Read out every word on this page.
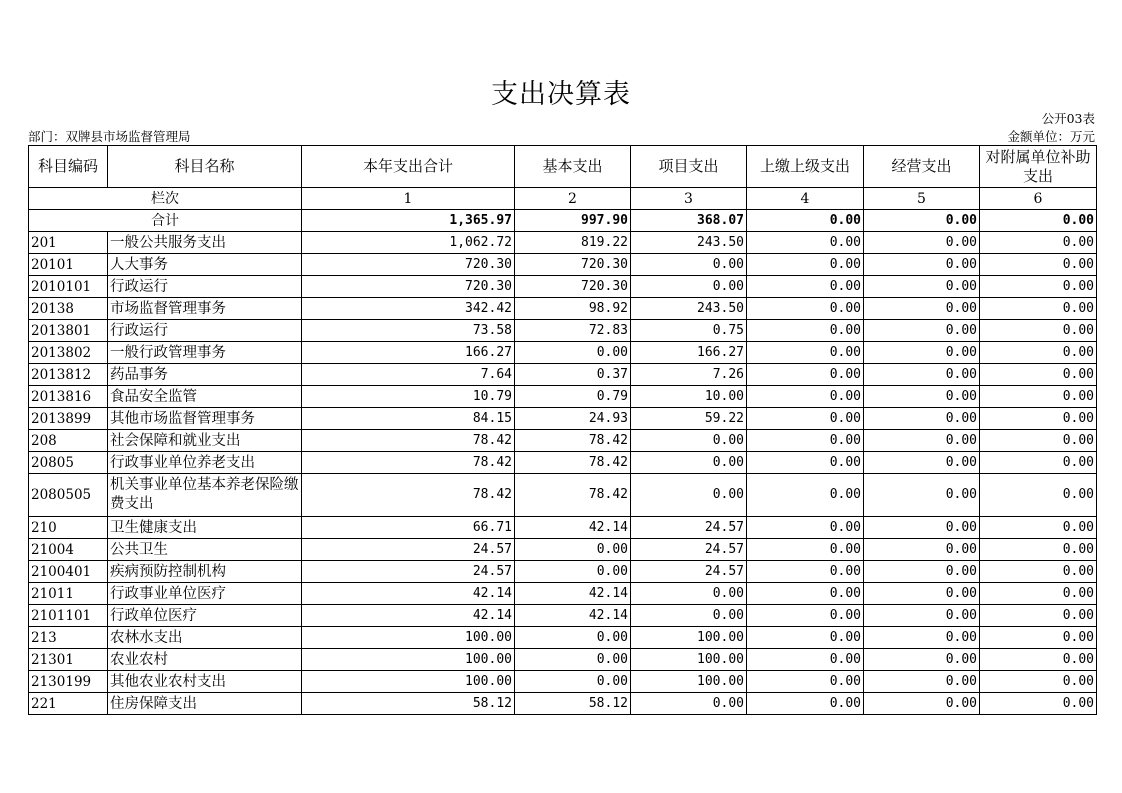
支出决算表
公开03表
部门：双牌县市场监督管理局	金额单位：万元
科目编码	科目名称	本年支出合计	基本支出	项目支出	上缴上级支出	经营支出	对附属单位补助支出
栏次		1	2	3	4	5	6
合计		1,365.97	997.90	368.07	0.00	0.00	0.00
201	一般公共服务支出	1,062.72	819.22	243.50	0.00	0.00	0.00
20101	人大事务	720.30	720.30	0.00	0.00	0.00	0.00
2010101	行政运行	720.30	720.30	0.00	0.00	0.00	0.00
20138	市场监督管理事务	342.42	98.92	243.50	0.00	0.00	0.00
2013801	行政运行	73.58	72.83	0.75	0.00	0.00	0.00
2013802	一般行政管理事务	166.27	0.00	166.27	0.00	0.00	0.00
2013812	药品事务	7.64	0.37	7.26	0.00	0.00	0.00
2013816	食品安全监管	10.79	0.79	10.00	0.00	0.00	0.00
2013899	其他市场监督管理事务	84.15	24.93	59.22	0.00	0.00	0.00
208	社会保障和就业支出	78.42	78.42	0.00	0.00	0.00	0.00
20805	行政事业单位养老支出	78.42	78.42	0.00	0.00	0.00	0.00
2080505	机关事业单位基本养老保险缴费支出	78.42	78.42	0.00	0.00	0.00	0.00
210	卫生健康支出	66.71	42.14	24.57	0.00	0.00	0.00
21004	公共卫生	24.57	0.00	24.57	0.00	0.00	0.00
2100401	疾病预防控制机构	24.57	0.00	24.57	0.00	0.00	0.00
21011	行政事业单位医疗	42.14	42.14	0.00	0.00	0.00	0.00
2101101	行政单位医疗	42.14	42.14	0.00	0.00	0.00	0.00
213	农林水支出	100.00	0.00	100.00	0.00	0.00	0.00
21301	农业农村	100.00	0.00	100.00	0.00	0.00	0.00
2130199	其他农业农村支出	100.00	0.00	100.00	0.00	0.00	0.00
221	住房保障支出	58.12	58.12	0.00	0.00	0.00	0.00
